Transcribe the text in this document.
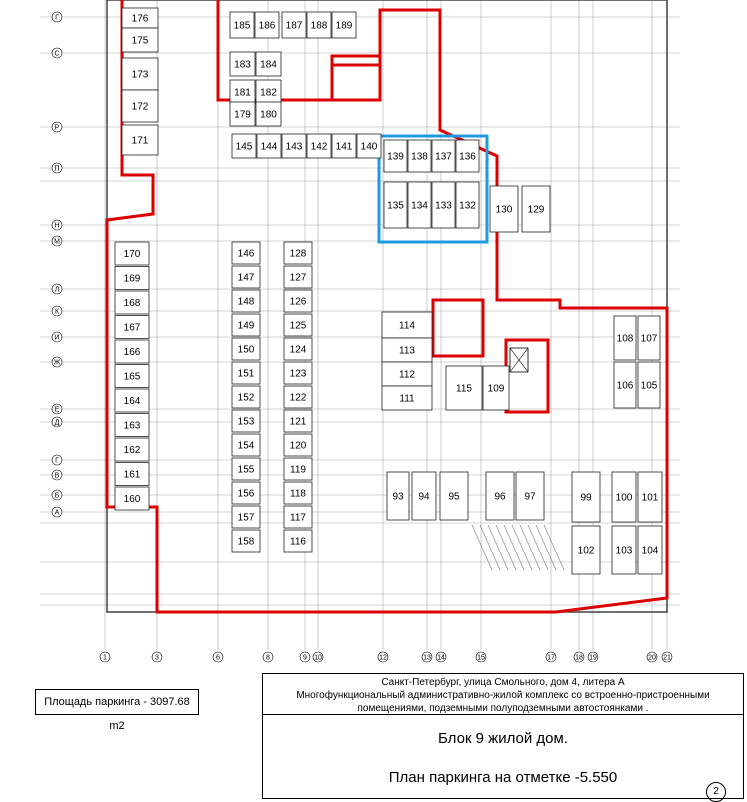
176
175
173
172
171
185 186 187 188 189
183 184
181 182
179 180
145 144 143 142 141 140
139
135
138
134
137
133
136
132 130 129
114
113
112
111
115 109
108 107
106 105
170
169
168
167
166
165
164
163
162
161
160
146
147
148
149
150
151
152
153
154
155
156
157
158
128
127
126
125
124
123
122
121
120
119
118
117
116
93 94 95	96 97	99 100 101
102 103 104
1	3	6	8	9 10	12	13 14	15	17	18 19	20 21
Г
С
Р
П
Н
М
Л
К
И
Ж
Е
Д
Г
В
Б
А
Площадь паркинга - 3097.68 m2
Санкт-Петербург, улица Смольного, дом 4, литера А
Многофункциональный административно-жилой комплекс со встроенно-пристроенными
помещениями, подземными полуподземными автостоянками .
Блок 9 жилой дом.
План паркинга на отметке -5.550
2
